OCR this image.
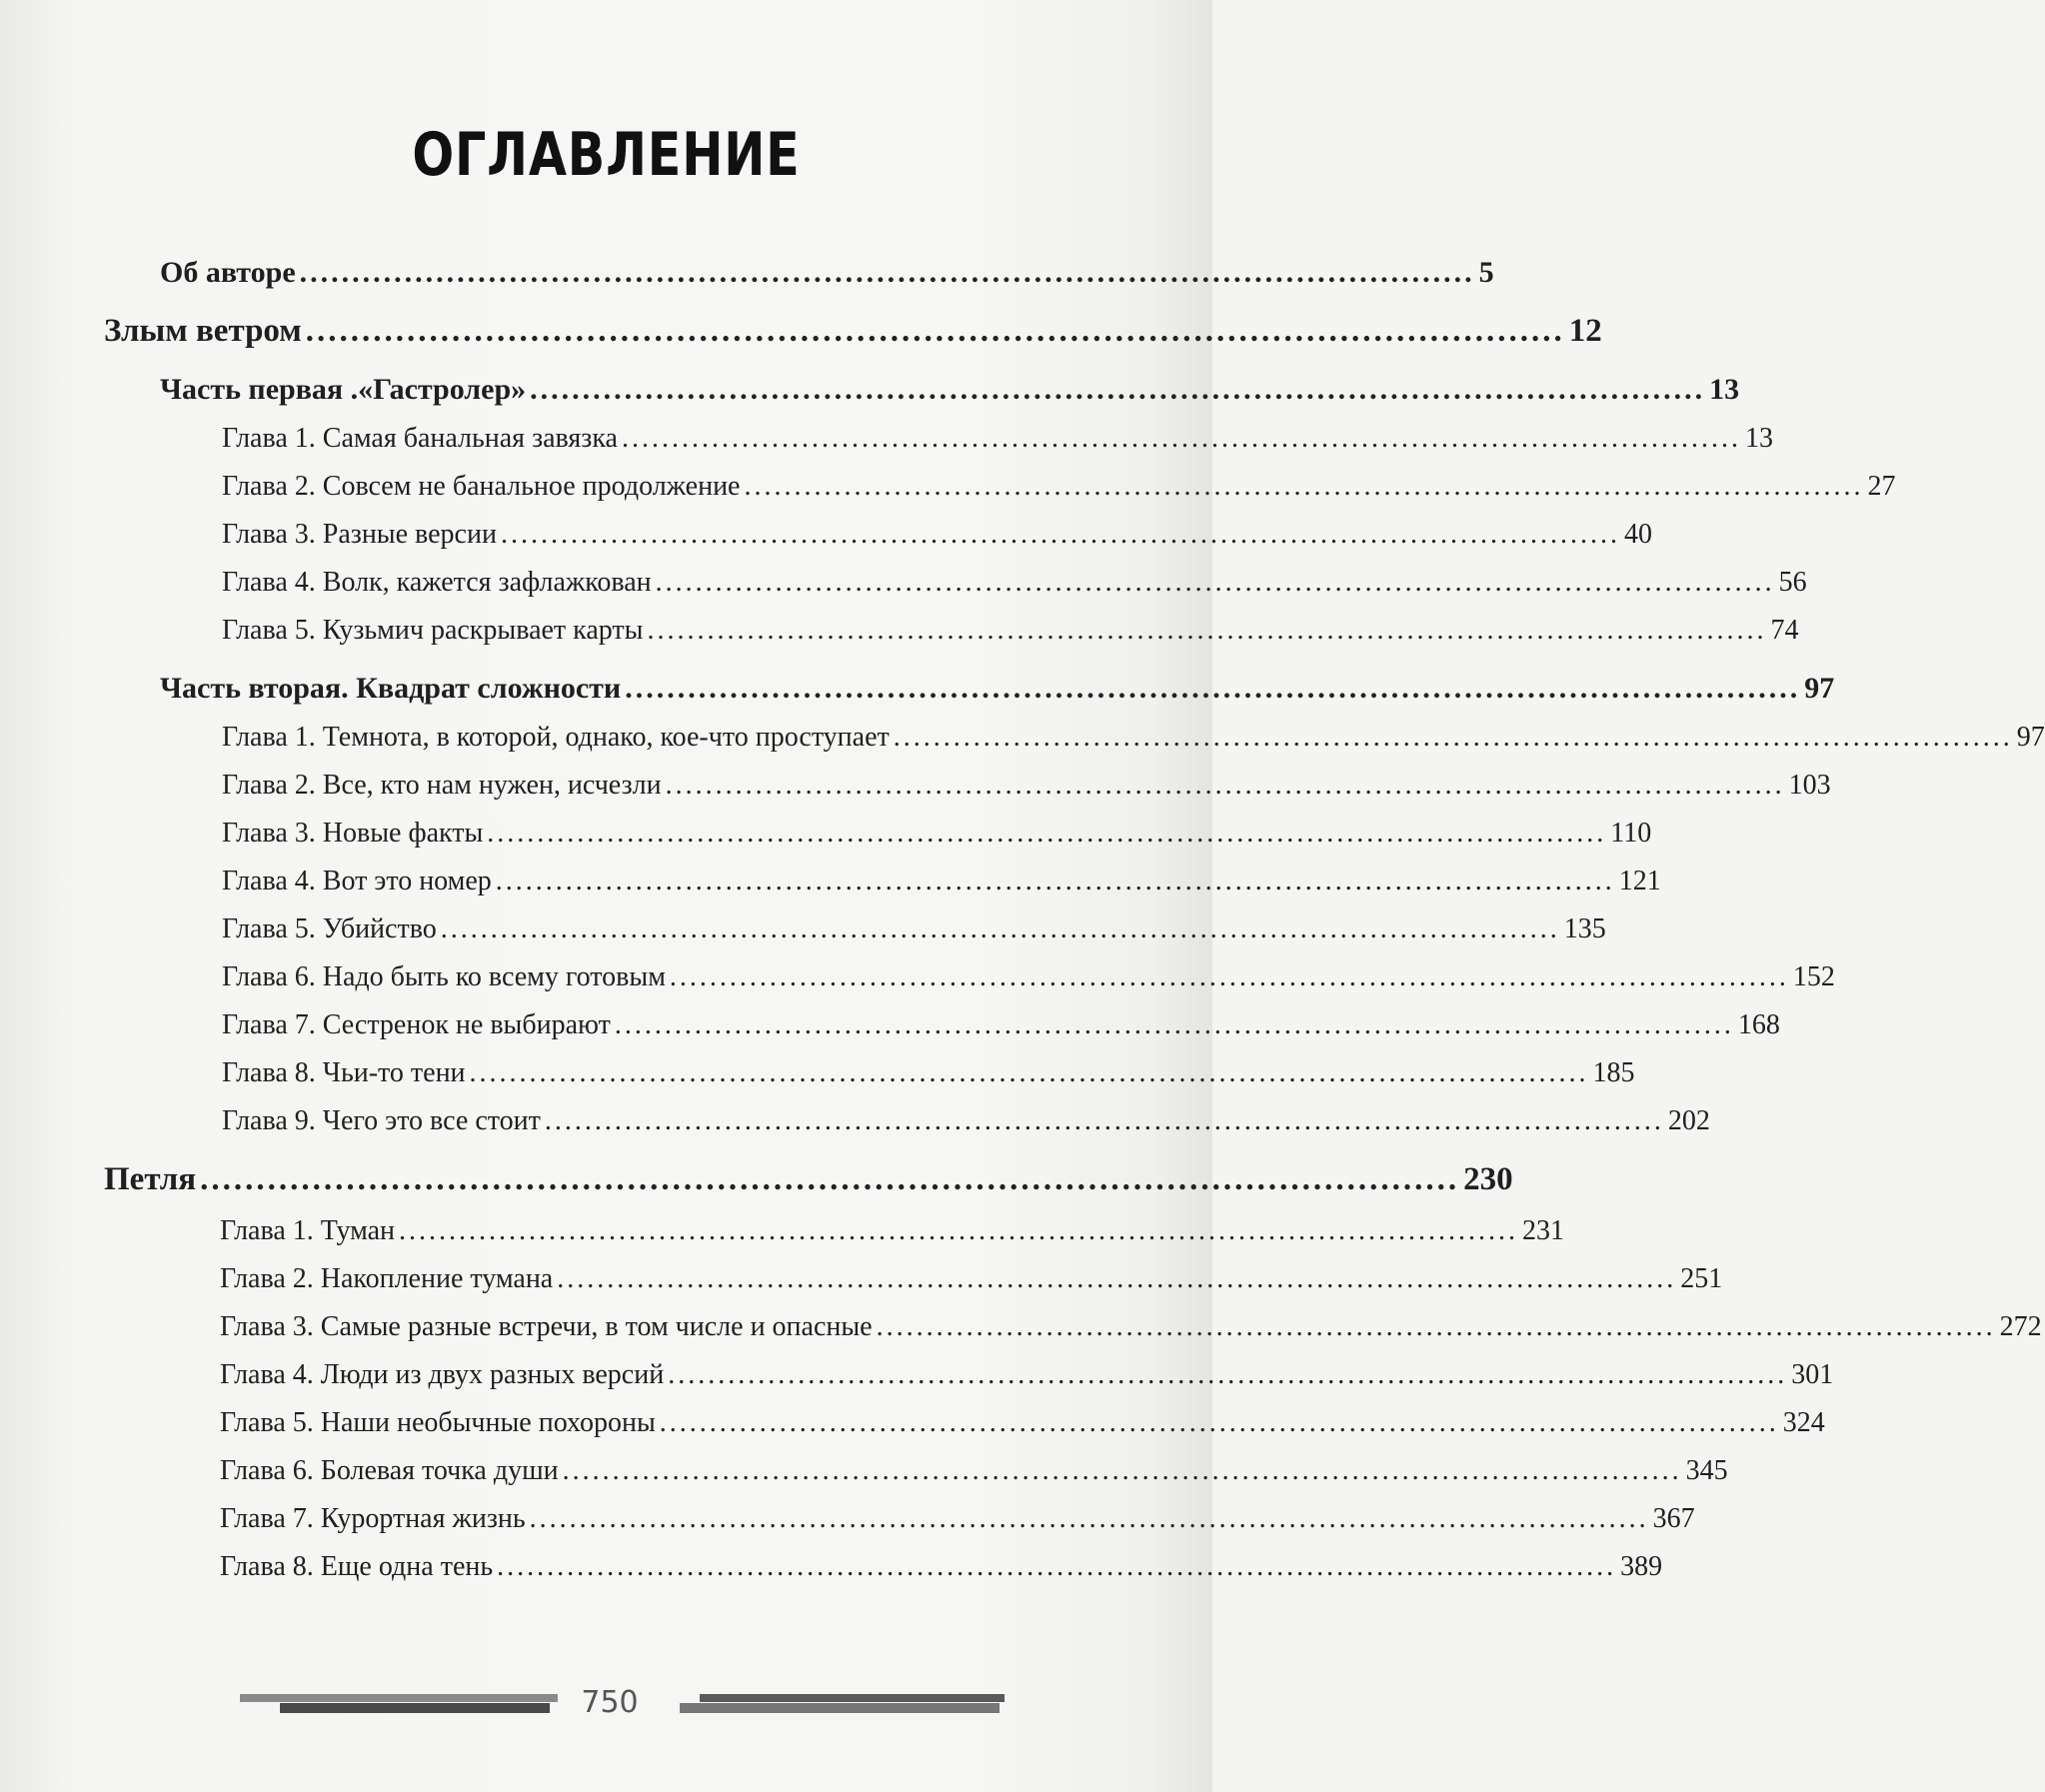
ОГЛАВЛЕНИЕ
Об авторе ................................................................................................................ 5
Злым ветром ................................................................................................................ 12
Часть первая .«Гастролер» ................................................................................................................ 13
Глава 1. Самая банальная завязка ................................................................................................................ 13
Глава 2. Совсем не банальное продолжение ................................................................................................................ 27
Глава 3. Разные версии ................................................................................................................ 40
Глава 4. Волк, кажется зафлажкован ................................................................................................................ 56
Глава 5. Кузьмич раскрывает карты ................................................................................................................ 74
Часть вторая. Квадрат сложности ................................................................................................................ 97
Глава 1. Темнота, в которой, однако, кое-что проступает ................................................................................................................ 97
Глава 2. Все, кто нам нужен, исчезли ................................................................................................................ 103
Глава 3. Новые факты ................................................................................................................ 110
Глава 4. Вот это номер ................................................................................................................ 121
Глава 5. Убийство ................................................................................................................ 135
Глава 6. Надо быть ко всему готовым ................................................................................................................ 152
Глава 7. Сестренок не выбирают ................................................................................................................ 168
Глава 8. Чьи-то тени ................................................................................................................ 185
Глава 9. Чего это все стоит ................................................................................................................ 202
Петля ................................................................................................................ 230
Глава 1. Туман ................................................................................................................ 231
Глава 2. Накопление тумана ................................................................................................................ 251
Глава 3. Самые разные встречи, в том числе и опасные ................................................................................................................ 272
Глава 4. Люди из двух разных версий ................................................................................................................ 301
Глава 5. Наши необычные похороны ................................................................................................................ 324
Глава 6. Болевая точка души ................................................................................................................ 345
Глава 7. Курортная жизнь ................................................................................................................ 367
Глава 8. Еще одна тень ................................................................................................................ 389
750
